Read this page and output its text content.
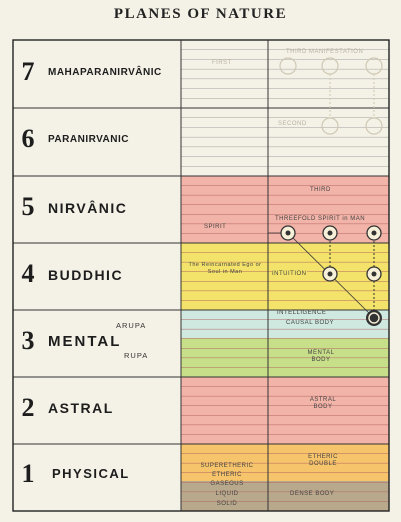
PLANES OF NATURE
7	MAHAPARANIRVÂNIC
6	PARANIRVANIC
5 NIRVÂNIC
4 BUDDHIC
3 MENTAL
ARUPA
RUPA
2 ASTRAL
1	PHYSICAL
FIRST
THIRD MANIFESTATION
SECOND
THIRD
SPIRIT
THREEFOLD SPIRIT in MAN
The Reincarnated Ego or Soul in Man	INTUITION
INTELLIGENCE
CAUSAL BODY
MENTAL BODY
ASTRAL BODY
ETHERIC DOUBLE
DENSE BODY
SUPERETHERIC
ETHERIC
GASEOUS
LIQUID
SOLID
